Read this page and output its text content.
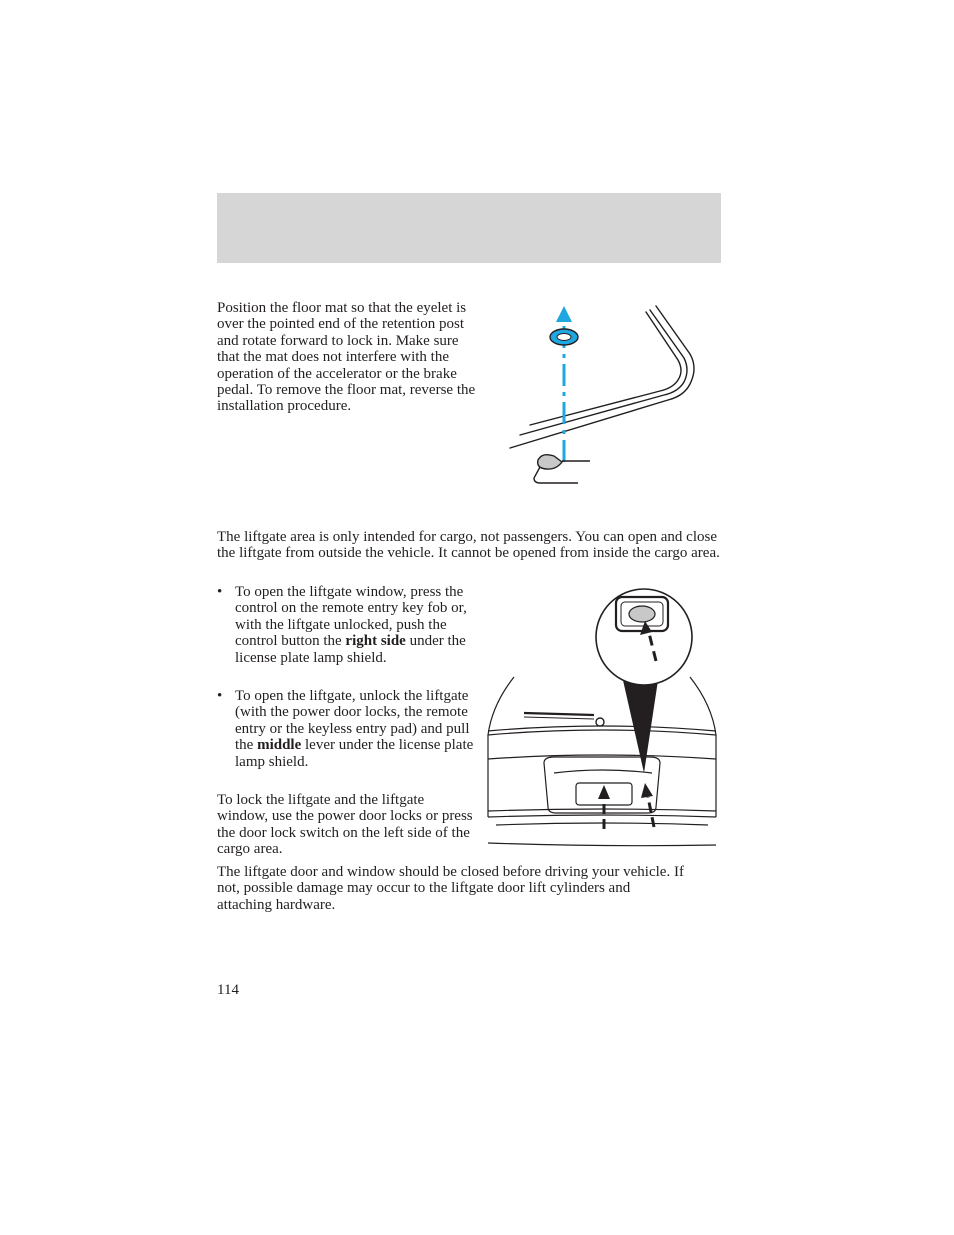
Position the floor mat so that the eyelet is over the pointed end of the retention post and rotate forward to lock in. Make sure that the mat does not interfere with the operation of the accelerator or the brake pedal. To remove the floor mat, reverse the installation procedure.

The liftgate area is only intended for cargo, not passengers. You can open and close the liftgate from outside the vehicle. It cannot be opened from inside the cargo area.

• To open the liftgate window, press the control on the remote entry key fob or, with the liftgate unlocked, push the control button the right side under the license plate lamp shield.
• To open the liftgate, unlock the liftgate (with the power door locks, the remote entry or the keyless entry pad) and pull the middle lever under the license plate lamp shield.

To lock the liftgate and the liftgate window, use the power door locks or press the door lock switch on the left side of the cargo area.

The liftgate door and window should be closed before driving your vehicle. If not, possible damage may occur to the liftgate door lift cylinders and attaching hardware.

114
